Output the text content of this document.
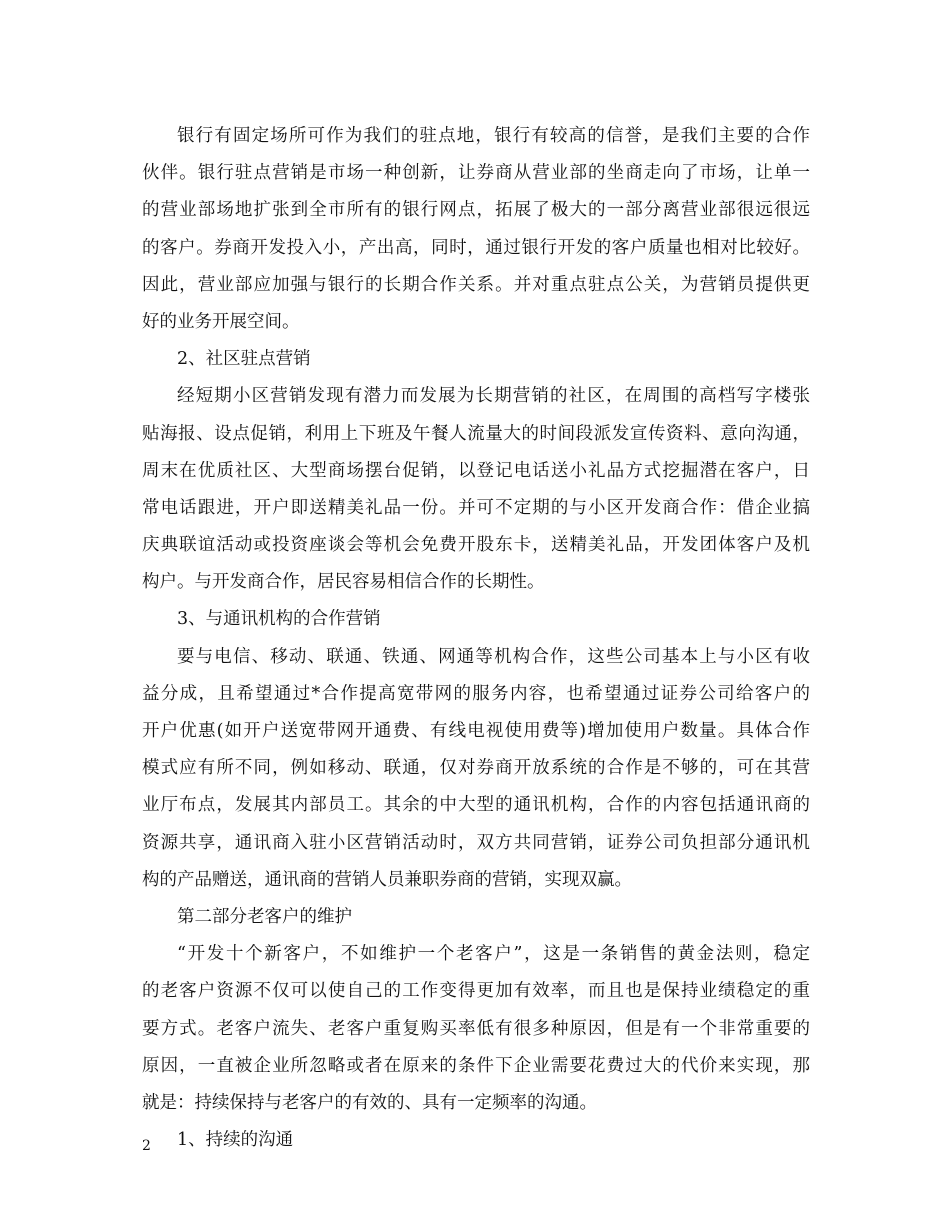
银行有固定场所可作为我们的驻点地，银行有较高的信誉，是我们主要的合作

伙伴。银行驻点营销是市场一种创新，让券商从营业部的坐商走向了市场，让单一

的营业部场地扩张到全市所有的银行网点，拓展了极大的一部分离营业部很远很远

的客户。券商开发投入小，产出高，同时，通过银行开发的客户质量也相对比较好。

因此，营业部应加强与银行的长期合作关系。并对重点驻点公关，为营销员提供更

好的业务开展空间。

2、社区驻点营销

经短期小区营销发现有潜力而发展为长期营销的社区，在周围的高档写字楼张

贴海报、设点促销，利用上下班及午餐人流量大的时间段派发宣传资料、意向沟通，

周末在优质社区、大型商场摆台促销，以登记电话送小礼品方式挖掘潜在客户，日

常电话跟进，开户即送精美礼品一份。并可不定期的与小区开发商合作：借企业搞

庆典联谊活动或投资座谈会等机会免费开股东卡，送精美礼品，开发团体客户及机

构户。与开发商合作，居民容易相信合作的长期性。

3、与通讯机构的合作营销

要与电信、移动、联通、铁通、网通等机构合作，这些公司基本上与小区有收

益分成，且希望通过*合作提高宽带网的服务内容，也希望通过证券公司给客户的

开户优惠(如开户送宽带网开通费、有线电视使用费等)增加使用户数量。具体合作

模式应有所不同，例如移动、联通，仅对券商开放系统的合作是不够的，可在其营

业厅布点，发展其内部员工。其余的中大型的通讯机构，合作的内容包括通讯商的

资源共享，通讯商入驻小区营销活动时，双方共同营销，证券公司负担部分通讯机

构的产品赠送，通讯商的营销人员兼职券商的营销，实现双赢。

第二部分老客户的维护

“开发十个新客户，不如维护一个老客户”，这是一条销售的黄金法则，稳定

的老客户资源不仅可以使自己的工作变得更加有效率，而且也是保持业绩稳定的重

要方式。老客户流失、老客户重复购买率低有很多种原因，但是有一个非常重要的

原因，一直被企业所忽略或者在原来的条件下企业需要花费过大的代价来实现，那

就是：持续保持与老客户的有效的、具有一定频率的沟通。

1、持续的沟通

2
